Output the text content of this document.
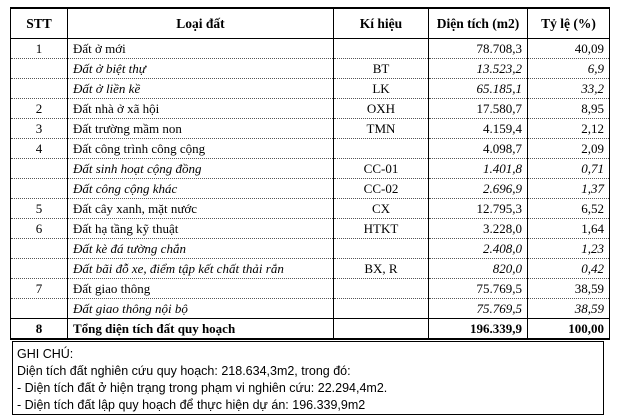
STT	Loại đất	Kí hiệu	Diện tích (m2)	Tỷ lệ (%)
1	Đất ở mới		78.708,3	40,09
	Đất ở biệt thự	BT	13.523,2	6,9
	Đất ở liền kề	LK	65.185,1	33,2
2	Đất nhà ở xã hội	OXH	17.580,7	8,95
3	Đất trường mầm non	TMN	4.159,4	2,12
4	Đất công trình công cộng		4.098,7	2,09
	Đất sinh hoạt cộng đồng	CC-01	1.401,8	0,71
	Đất công cộng khác	CC-02	2.696,9	1,37
5	Đất cây xanh, mặt nước	CX	12.795,3	6,52
6	Đất hạ tầng kỹ thuật	HTKT	3.228,0	1,64
	Đất kè đá tường chắn		2.408,0	1,23
	Đất bãi đỗ xe, điểm tập kết chất thải rắn	BX, R	820,0	0,42
7	Đất giao thông		75.769,5	38,59
	Đất giao thông nội bộ		75.769,5	38,59
8	Tổng diện tích đất quy hoạch		196.339,9	100,00
GHI CHÚ:
Diện tích đất nghiên cứu quy hoạch: 218.634,3m2, trong đó:
- Diện tích đất ở hiện trạng trong phạm vi nghiên cứu: 22.294,4m2.
- Diện tích đất lập quy hoạch để thực hiện dự án: 196.339,9m2
